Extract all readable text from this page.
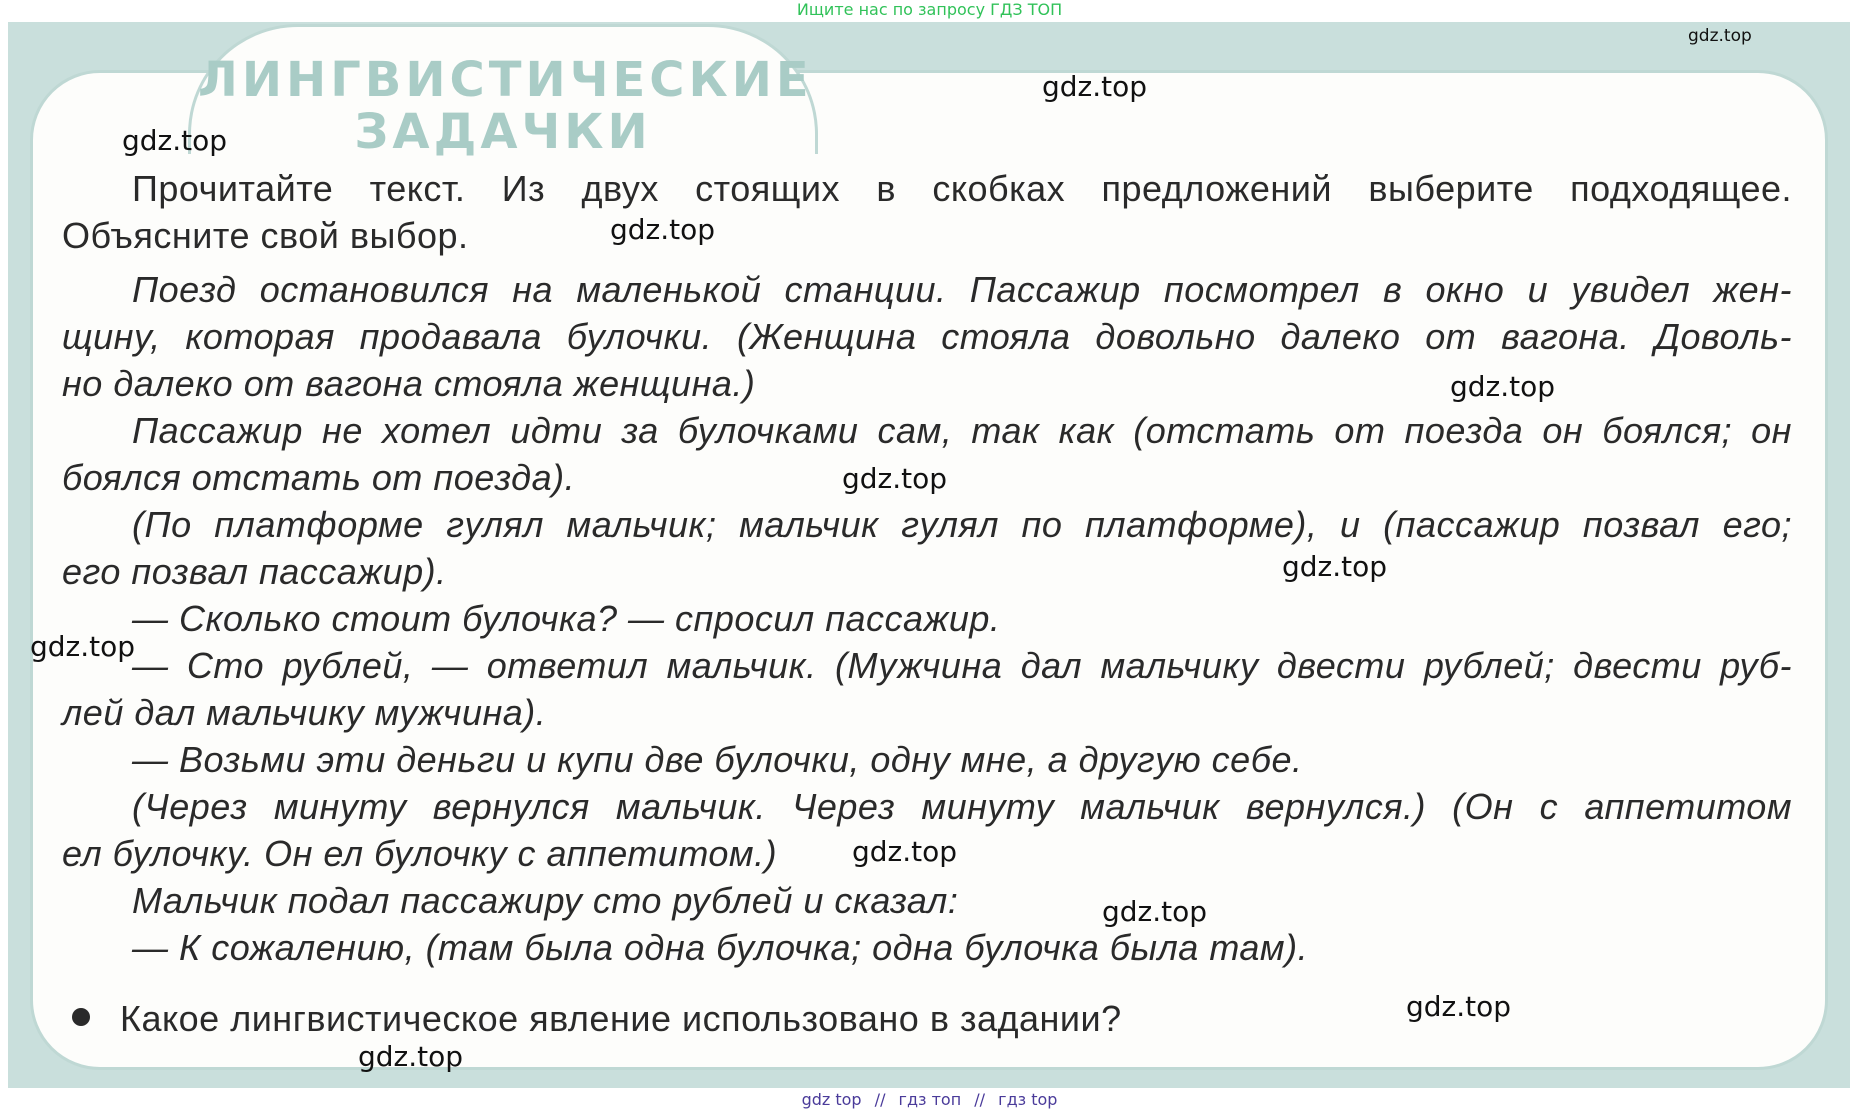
Ищите нас по запросу ГДЗ ТОП
ЛИНГВИСТИЧЕСКИЕ
ЗАДАЧКИ
Прочитайте текст. Из двух стоящих в скобках предложений выберите подходящее.
Объясните свой выбор.
Поезд остановился на маленькой станции. Пассажир посмотрел в окно и увидел жен-
щину, которая продавала булочки. (Женщина стояла довольно далеко от вагона. Доволь-
но далеко от вагона стояла женщина.)
Пассажир не хотел идти за булочками сам, так как (отстать от поезда он боялся; он
боялся отстать от поезда).
(По платформе гулял мальчик; мальчик гулял по платформе), и (пассажир позвал его;
его позвал пассажир).
— Сколько стоит булочка? — спросил пассажир.
— Сто рублей, — ответил мальчик. (Мужчина дал мальчику двести рублей; двести руб-
лей дал мальчику мужчина).
— Возьми эти деньги и купи две булочки, одну мне, а другую себе.
(Через минуту вернулся мальчик. Через минуту мальчик вернулся.) (Он с аппетитом
ел булочку. Он ел булочку с аппетитом.)
Мальчик подал пассажиру сто рублей и сказал:
— К сожалению, (там была одна булочка; одна булочка была там).
Какое лингвистическое явление использовано в задании?
gdz.top
gdz.top
gdz.top
gdz.top
gdz.top
gdz.top
gdz.top
gdz.top
gdz.top
gdz.top
gdz.top
gdz.top
gdz top // гдз топ // гдз top
